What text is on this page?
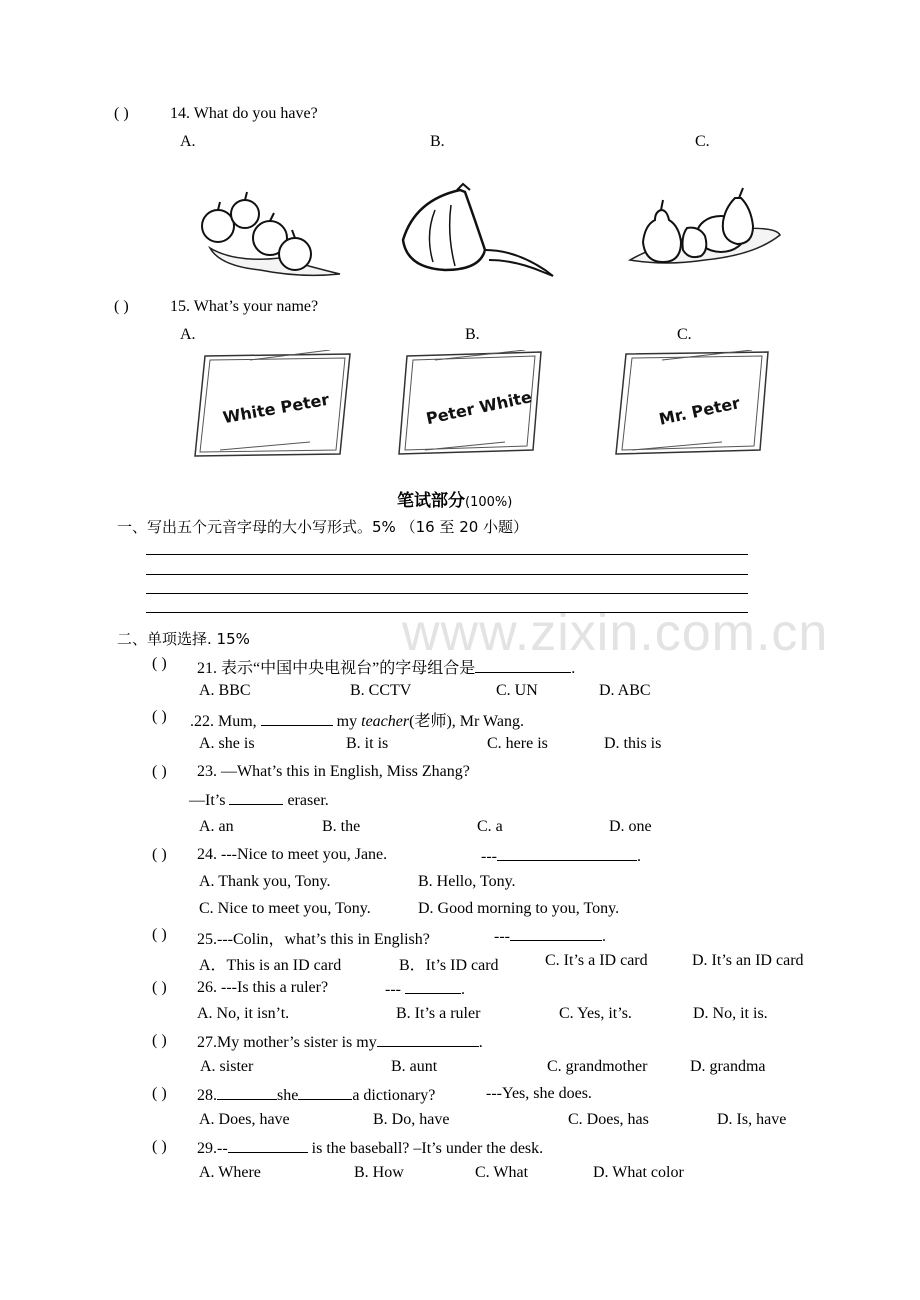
www.zixin.com.cn
( )	14. What do you have?
A.	B.	C.
( )	15. What’s your name?
A.	B.	C.
White Peter	Peter White	Mr. Peter
笔试部分(100%)
一、写出五个元音字母的大小写形式。5% （16 至 20 小题）
二、单项选择. 15%
( ) 21. 表示“中国中央电视台”的字母组合是	.
A. BBC	B. CCTV	C. UN	D. ABC
( ) .22. Mum,	my teacher(老师), Mr Wang.
A. she is	B. it is	C. here is	D. this is
( ) 23. —What’s this in English, Miss Zhang?
—It’s	eraser.
A. an	B. the	C. a	D. one
( ) 24. ---Nice to meet you, Jane.	---	.
A. Thank you, Tony.	B. Hello, Tony.
C. Nice to meet you, Tony.	D. Good morning to you, Tony.
( ) 25.---Colin，what’s this in English?	---	.
A．This is an ID card	B．It’s ID card	C. It’s a ID card	D. It’s an ID card
( ) 26. ---Is this a ruler?	---	.
A. No, it isn’t.	B. It’s a ruler	C. Yes, it’s.	D. No, it is.
( ) 27.My mother’s sister is my	.
A. sister	B. aunt	C. grandmother	D. grandma
( ) 28.	she	a dictionary?	---Yes, she does.
A. Does, have	B. Do, have	C. Does, has	D. Is, have
( ) 29.--	is the baseball? –It’s under the desk.
A. Where	B. How	C. What	D. What color
